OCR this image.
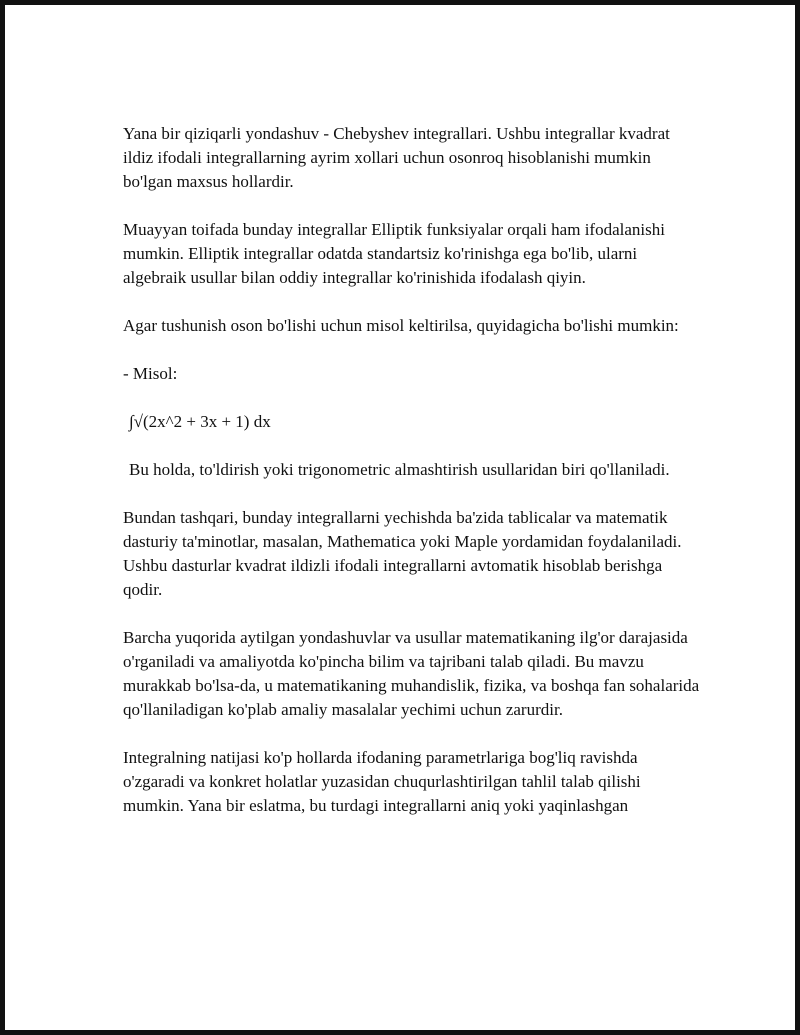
Yana bir qiziqarli yondashuv - Chebyshev integrallari. Ushbu integrallar kvadrat ildiz ifodali integrallarning ayrim xollari uchun osonroq hisoblanishi mumkin bo'lgan maxsus hollardir.

Muayyan toifada bunday integrallar Elliptik funksiyalar orqali ham ifodalanishi mumkin. Elliptik integrallar odatda standartsiz ko'rinishga ega bo'lib, ularni algebraik usullar bilan oddiy integrallar ko'rinishida ifodalash qiyin.

Agar tushunish oson bo'lishi uchun misol keltirilsa, quyidagicha bo'lishi mumkin:

- Misol:

∫√(2x^2 + 3x + 1) dx

Bu holda, to'ldirish yoki trigonometric almashtirish usullaridan biri qo'llaniladi.

Bundan tashqari, bunday integrallarni yechishda ba'zida tablicalar va matematik dasturiy ta'minotlar, masalan, Mathematica yoki Maple yordamidan foydalaniladi. Ushbu dasturlar kvadrat ildizli ifodali integrallarni avtomatik hisoblab berishga qodir.

Barcha yuqorida aytilgan yondashuvlar va usullar matematikaning ilg'or darajasida o'rganiladi va amaliyotda ko'pincha bilim va tajribani talab qiladi. Bu mavzu murakkab bo'lsa-da, u matematikaning muhandislik, fizika, va boshqa fan sohalarida qo'llaniladigan ko'plab amaliy masalalar yechimi uchun zarurdir.

Integralning natijasi ko'p hollarda ifodaning parametrlariga bog'liq ravishda o'zgaradi va konkret holatlar yuzasidan chuqurlashtirilgan tahlil talab qilishi mumkin. Yana bir eslatma, bu turdagi integrallarni aniq yoki yaqinlashgan
